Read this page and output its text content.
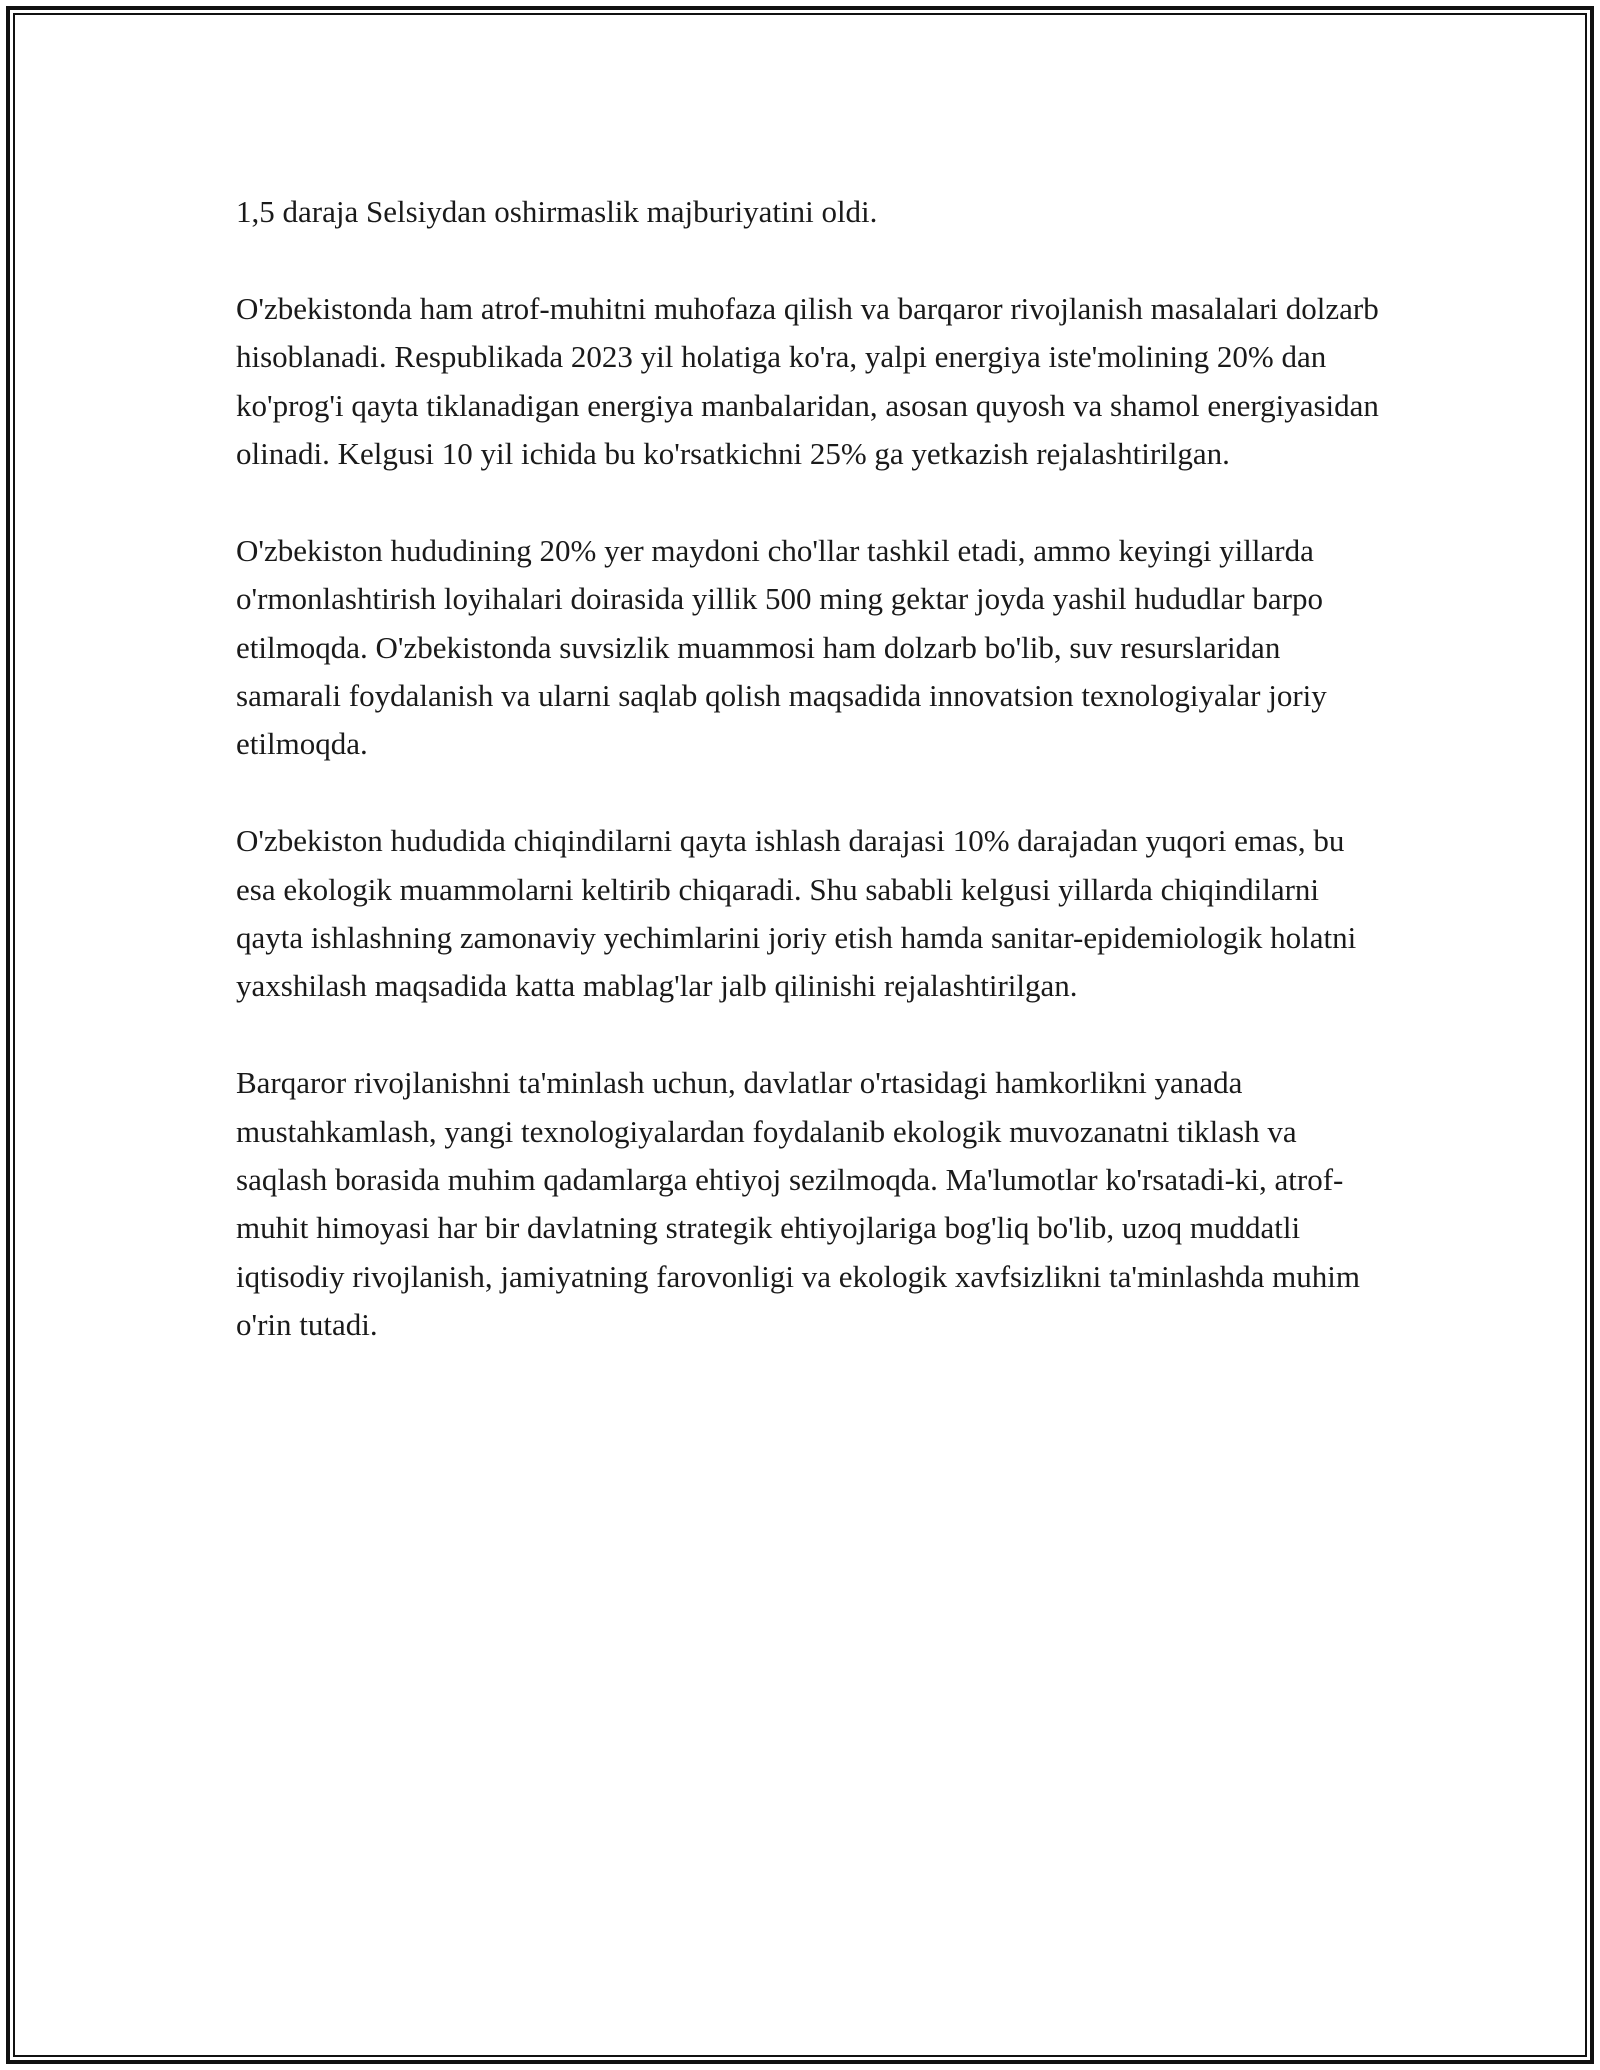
1,5 daraja Selsiydan oshirmaslik majburiyatini oldi.

O'zbekistonda ham atrof-muhitni muhofaza qilish va barqaror rivojlanish masalalari dolzarb hisoblanadi. Respublikada 2023 yil holatiga ko'ra, yalpi energiya iste'molining 20% dan ko'prog'i qayta tiklanadigan energiya manbalaridan, asosan quyosh va shamol energiyasidan olinadi. Kelgusi 10 yil ichida bu ko'rsatkichni 25% ga yetkazish rejalashtirilgan.

O'zbekiston hududining 20% yer maydoni cho'llar tashkil etadi, ammo keyingi yillarda o'rmonlashtirish loyihalari doirasida yillik 500 ming gektar joyda yashil hududlar barpo etilmoqda. O'zbekistonda suvsizlik muammosi ham dolzarb bo'lib, suv resurslaridan samarali foydalanish va ularni saqlab qolish maqsadida innovatsion texnologiyalar joriy etilmoqda.

O'zbekiston hududida chiqindilarni qayta ishlash darajasi 10% darajadan yuqori emas, bu esa ekologik muammolarni keltirib chiqaradi. Shu sababli kelgusi yillarda chiqindilarni qayta ishlashning zamonaviy yechimlarini joriy etish hamda sanitar-epidemiologik holatni yaxshilash maqsadida katta mablag'lar jalb qilinishi rejalashtirilgan.

Barqaror rivojlanishni ta'minlash uchun, davlatlar o'rtasidagi hamkorlikni yanada mustahkamlash, yangi texnologiyalardan foydalanib ekologik muvozanatni tiklash va saqlash borasida muhim qadamlarga ehtiyoj sezilmoqda. Ma'lumotlar ko'rsatadi-ki, atrof-muhit himoyasi har bir davlatning strategik ehtiyojlariga bog'liq bo'lib, uzoq muddatli iqtisodiy rivojlanish, jamiyatning farovonligi va ekologik xavfsizlikni ta'minlashda muhim o'rin tutadi.
